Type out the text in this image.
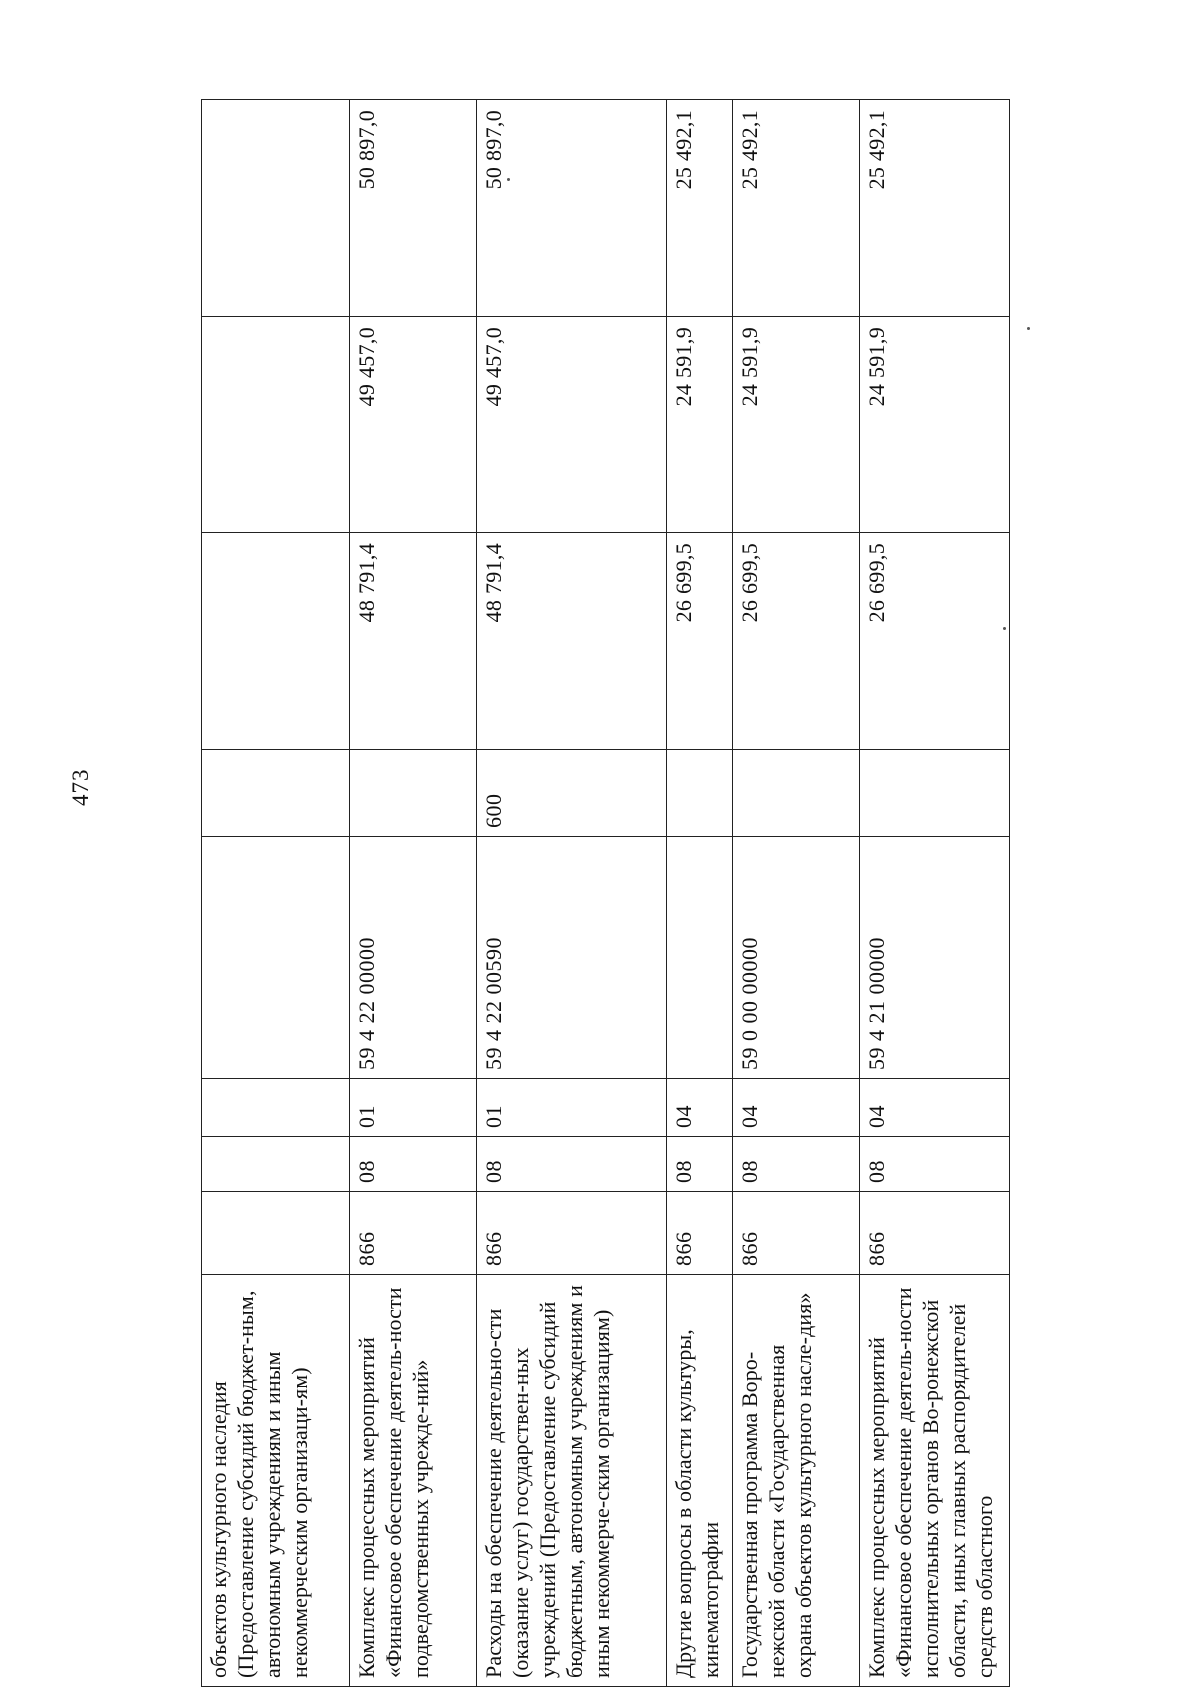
473
объектов культурного наследия (Предоставление субсидий бюджет-ным, автономным учреждениям и иным некоммерческим организаци-ям)								
Комплекс процессных мероприятий «Финансовое обеспечение деятель-ности подведомственных учрежде-ний»	866	08	01	59 4 22 00000		48 791,4	49 457,0	50 897,0
Расходы на обеспечение деятельно-сти (оказание услуг) государствен-ных учреждений (Предоставление субсидий бюджетным, автономным учреждениям и иным некоммерче-ским организациям)	866	08	01	59 4 22 00590	600	48 791,4	49 457,0	50 897,0
Другие вопросы в области культуры, кинематографии	866	08	04			26 699,5	24 591,9	25 492,1
Государственная программа Воро-нежской области «Государственная охрана объектов культурного насле-дия»	866	08	04	59 0 00 00000		26 699,5	24 591,9	25 492,1
Комплекс процессных мероприятий «Финансовое обеспечение деятель-ности исполнительных органов Во-ронежской области, иных главных распорядителей средств областного	866	08	04	59 4 21 00000		26 699,5	24 591,9	25 492,1
